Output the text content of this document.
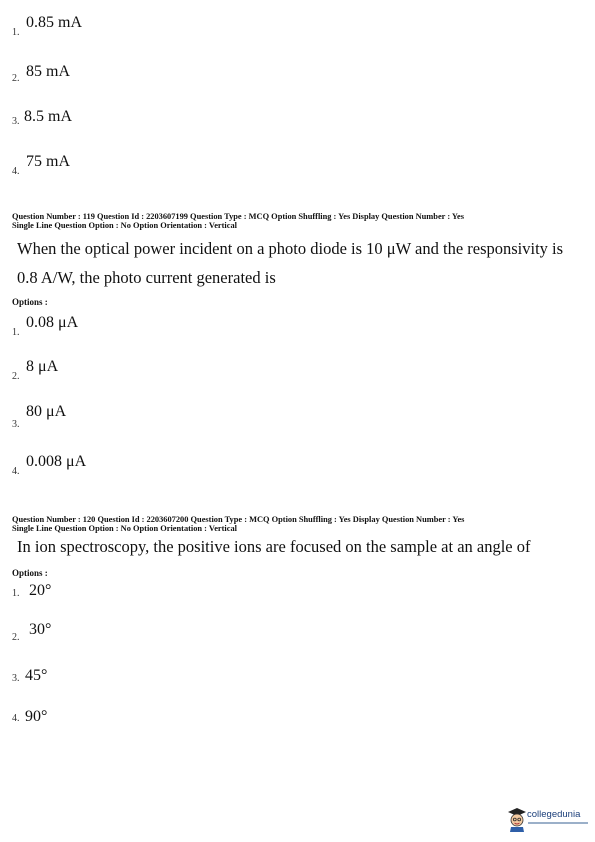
1.
0.85 mA
2. 85 mA
3. 8.5 mA
4.
75 mA
Question Number : 119 Question Id : 2203607199 Question Type : MCQ Option Shuffling : Yes Display Question Number : Yes
Single Line Question Option : No Option Orientation : Vertical
When the optical power incident on a photo diode is 10 μW and the responsivity is
0.8 A/W, the photo current generated is
Options :
1.
0.08 μA
2.
8 μA
3.
80 μA
4.
0.008 μA
Question Number : 120 Question Id : 2203607200 Question Type : MCQ Option Shuffling : Yes Display Question Number : Yes
Single Line Question Option : No Option Orientation : Vertical
In ion spectroscopy, the positive ions are focused on the sample at an angle of
Options :
1. 20°
2. 30°
3. 45°
4. 90°
collegedunia
